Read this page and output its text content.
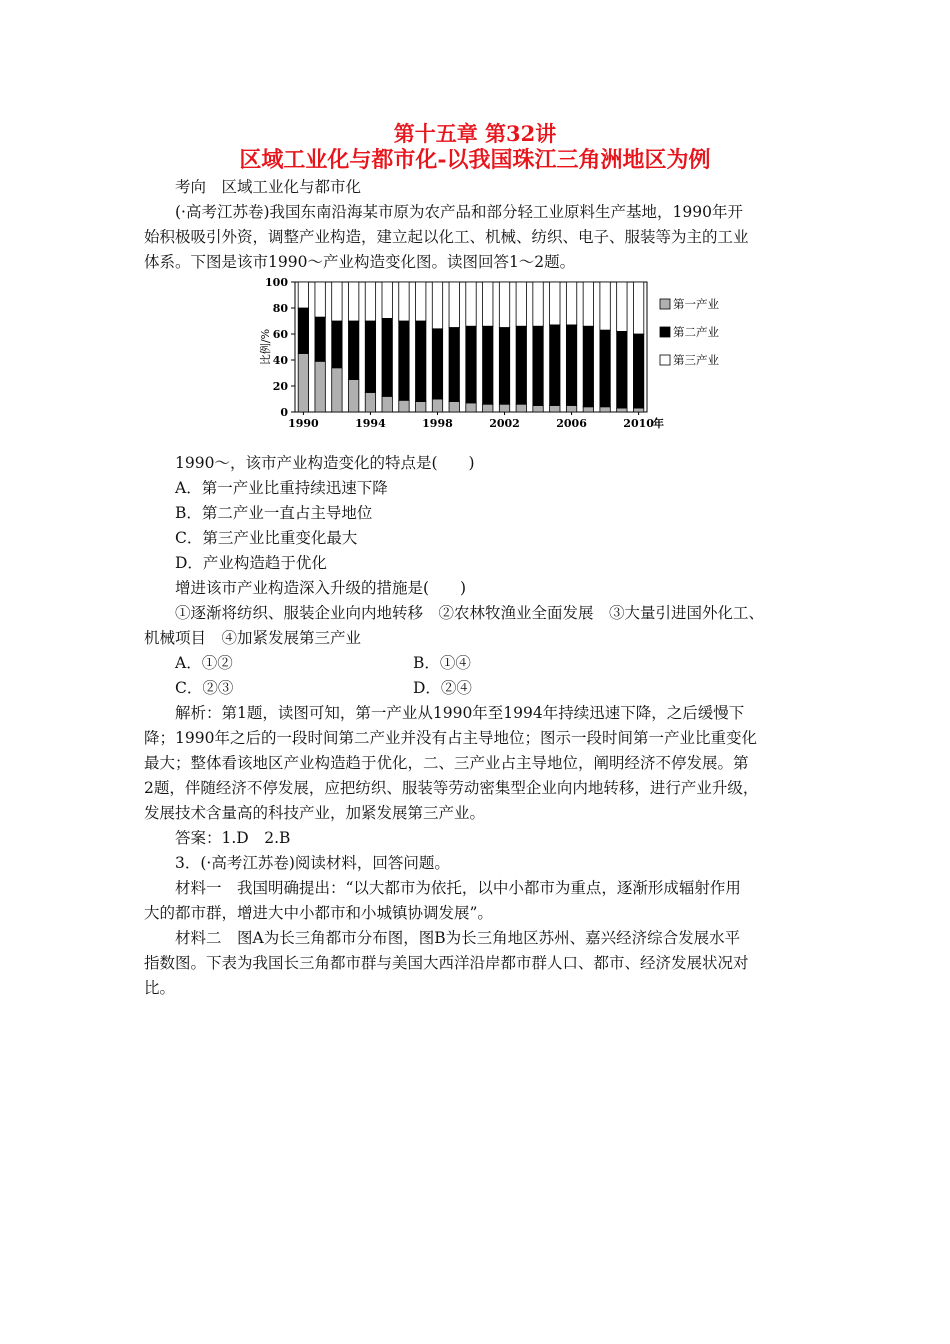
第十五章 第32讲
区域工业化与都市化-以我国珠江三角洲地区为例
考向　区域工业化与都市化
(·高考江苏卷)我国东南沿海某市原为农产品和部分轻工业原料生产基地，1990年开
始积极吸引外资，调整产业构造，建立起以化工、机械、纺织、电子、服装等为主的工业
体系。下图是该市1990～产业构造变化图。读图回答1～2题。
0
20
40
60
80
100
比例/%
1990	1994	1998	2002	2006	2010 年
第一产业
第二产业
第三产业
1990～，该市产业构造变化的特点是(　　)
A．第一产业比重持续迅速下降
B．第二产业一直占主导地位
C．第三产业比重变化最大
D．产业构造趋于优化
增进该市产业构造深入升级的措施是(　　)
①逐渐将纺织、服装企业向内地转移　②农林牧渔业全面发展　③大量引进国外化工、
机械项目　④加紧发展第三产业
A．①②	B．①④
C．②③	D．②④
解析：第1题，读图可知，第一产业从1990年至1994年持续迅速下降，之后缓慢下
降；1990年之后的一段时间第二产业并没有占主导地位；图示一段时间第一产业比重变化
最大；整体看该地区产业构造趋于优化，二、三产业占主导地位，阐明经济不停发展。第
2题，伴随经济不停发展，应把纺织、服装等劳动密集型企业向内地转移，进行产业升级，
发展技术含量高的科技产业，加紧发展第三产业。
答案：1.D　2.B
3．(·高考江苏卷)阅读材料，回答问题。
材料一　我国明确提出：“以大都市为依托，以中小都市为重点，逐渐形成辐射作用
大的都市群，增进大中小都市和小城镇协调发展”。
材料二　图A为长三角都市分布图，图B为长三角地区苏州、嘉兴经济综合发展水平
指数图。下表为我国长三角都市群与美国大西洋沿岸都市群人口、都市、经济发展状况对
比。
